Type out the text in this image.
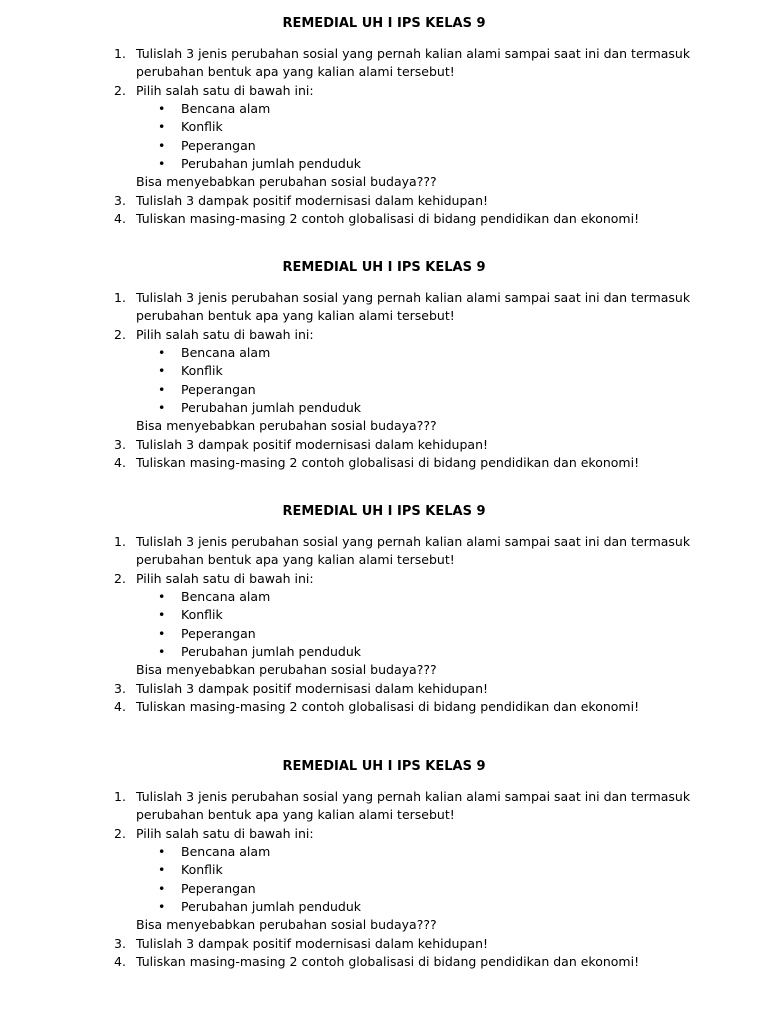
REMEDIAL UH I IPS KELAS 9

1. Tulislah 3 jenis perubahan sosial yang pernah kalian alami sampai saat ini dan termasuk
perubahan bentuk apa yang kalian alami tersebut!
2. Pilih salah satu di bawah ini:
• Bencana alam
• Konflik
• Peperangan
• Perubahan jumlah penduduk
Bisa menyebabkan perubahan sosial budaya???
3. Tulislah 3 dampak positif modernisasi dalam kehidupan!
4. Tuliskan masing-masing 2 contoh globalisasi di bidang pendidikan dan ekonomi!

REMEDIAL UH I IPS KELAS 9

1. Tulislah 3 jenis perubahan sosial yang pernah kalian alami sampai saat ini dan termasuk
perubahan bentuk apa yang kalian alami tersebut!
2. Pilih salah satu di bawah ini:
• Bencana alam
• Konflik
• Peperangan
• Perubahan jumlah penduduk
Bisa menyebabkan perubahan sosial budaya???
3. Tulislah 3 dampak positif modernisasi dalam kehidupan!
4. Tuliskan masing-masing 2 contoh globalisasi di bidang pendidikan dan ekonomi!

REMEDIAL UH I IPS KELAS 9

1. Tulislah 3 jenis perubahan sosial yang pernah kalian alami sampai saat ini dan termasuk
perubahan bentuk apa yang kalian alami tersebut!
2. Pilih salah satu di bawah ini:
• Bencana alam
• Konflik
• Peperangan
• Perubahan jumlah penduduk
Bisa menyebabkan perubahan sosial budaya???
3. Tulislah 3 dampak positif modernisasi dalam kehidupan!
4. Tuliskan masing-masing 2 contoh globalisasi di bidang pendidikan dan ekonomi!

REMEDIAL UH I IPS KELAS 9

1. Tulislah 3 jenis perubahan sosial yang pernah kalian alami sampai saat ini dan termasuk
perubahan bentuk apa yang kalian alami tersebut!
2. Pilih salah satu di bawah ini:
• Bencana alam
• Konflik
• Peperangan
• Perubahan jumlah penduduk
Bisa menyebabkan perubahan sosial budaya???
3. Tulislah 3 dampak positif modernisasi dalam kehidupan!
4. Tuliskan masing-masing 2 contoh globalisasi di bidang pendidikan dan ekonomi!
